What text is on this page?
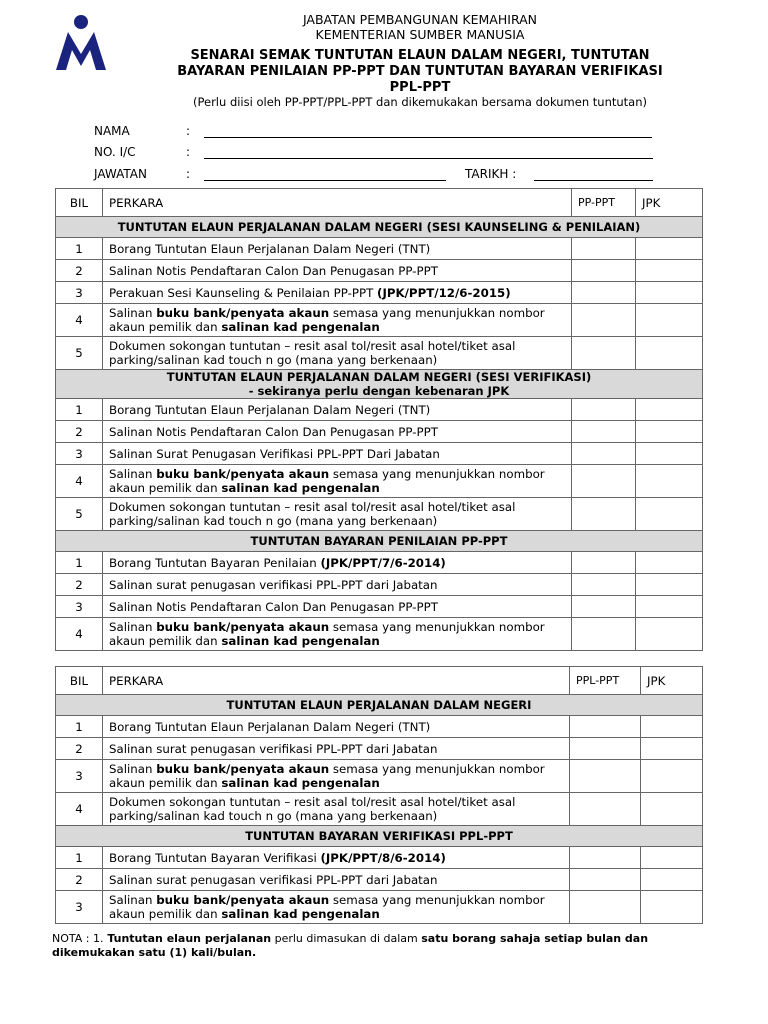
JABATAN PEMBANGUNAN KEMAHIRAN
KEMENTERIAN SUMBER MANUSIA
SENARAI SEMAK TUNTUTAN ELAUN DALAM NEGERI, TUNTUTAN
BAYARAN PENILAIAN PP-PPT DAN TUNTUTAN BAYARAN VERIFIKASI
PPL-PPT
(Perlu diisi oleh PP-PPT/PPL-PPT dan dikemukakan bersama dokumen tuntutan)
NAMA	:
NO. I/C	:
JAWATAN	:	TARIKH :
BIL	PERKARA	PP-PPT	JPK
TUNTUTAN ELAUN PERJALANAN DALAM NEGERI (SESI KAUNSELING & PENILAIAN)			
1	Borang Tuntutan Elaun Perjalanan Dalam Negeri (TNT)		
2	Salinan Notis Pendaftaran Calon Dan Penugasan PP-PPT		
3	Perakuan Sesi Kaunseling & Penilaian PP-PPT (JPK/PPT/12/6-2015)		
4	Salinan buku bank/penyata akaun semasa yang menunjukkan nombor akaun pemilik dan salinan kad pengenalan		
5	Dokumen sokongan tuntutan – resit asal tol/resit asal hotel/tiket asal parking/salinan kad touch n go (mana yang berkenaan)		

TUNTUTAN ELAUN PERJALANAN DALAM NEGERI (SESI VERIFIKASI)
- sekiranya perlu dengan kebenaran JPK			

1	Borang Tuntutan Elaun Perjalanan Dalam Negeri (TNT)		
2	Salinan Notis Pendaftaran Calon Dan Penugasan PP-PPT		
3	Salinan Surat Penugasan Verifikasi PPL-PPT Dari Jabatan		
4	Salinan buku bank/penyata akaun semasa yang menunjukkan nombor akaun pemilik dan salinan kad pengenalan		
5	Dokumen sokongan tuntutan – resit asal tol/resit asal hotel/tiket asal parking/salinan kad touch n go (mana yang berkenaan)		
TUNTUTAN BAYARAN PENILAIAN PP-PPT			
1	Borang Tuntutan Bayaran Penilaian (JPK/PPT/7/6-2014)		
2	Salinan surat penugasan verifikasi PPL-PPT dari Jabatan		
3	Salinan Notis Pendaftaran Calon Dan Penugasan PP-PPT		
4	Salinan buku bank/penyata akaun semasa yang menunjukkan nombor akaun pemilik dan salinan kad pengenalan		
BIL	PERKARA	PPL-PPT	JPK
TUNTUTAN ELAUN PERJALANAN DALAM NEGERI			
1	Borang Tuntutan Elaun Perjalanan Dalam Negeri (TNT)		
2	Salinan surat penugasan verifikasi PPL-PPT dari Jabatan		
3	Salinan buku bank/penyata akaun semasa yang menunjukkan nombor akaun pemilik dan salinan kad pengenalan		
4	Dokumen sokongan tuntutan – resit asal tol/resit asal hotel/tiket asal parking/salinan kad touch n go (mana yang berkenaan)		
TUNTUTAN BAYARAN VERIFIKASI PPL-PPT			
1	Borang Tuntutan Bayaran Verifikasi (JPK/PPT/8/6-2014)		
2	Salinan surat penugasan verifikasi PPL-PPT dari Jabatan		
3	Salinan buku bank/penyata akaun semasa yang menunjukkan nombor akaun pemilik dan salinan kad pengenalan		
NOTA : 1. Tuntutan elaun perjalanan perlu dimasukan di dalam satu borang sahaja setiap bulan dan dikemukakan satu (1) kali/bulan.
